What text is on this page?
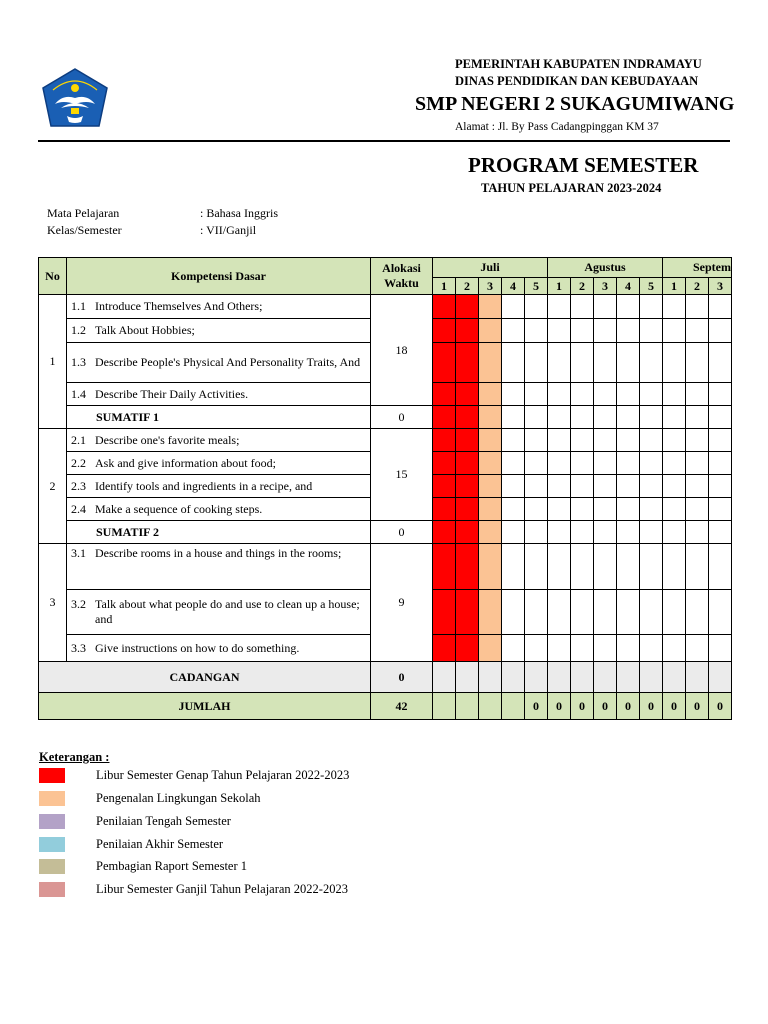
PEMERINTAH KABUPATEN INDRAMAYU
DINAS PENDIDIKAN DAN KEBUDAYAAN
SMP NEGERI 2 SUKAGUMIWANG
Alamat : Jl. By Pass Cadangpinggan KM 37
PROGRAM SEMESTER
TAHUN PELAJARAN 2023-2024
Mata Pelajaran	: Bahasa Inggris
Kelas/Semester	: VII/Ganjil
No	Kompetensi Dasar	Alokasi
Waktu	Juli					Agustus					Septem		
			1	2	3	4	5	1	2	3	4	5	1	2	3
1	1.1 Introduce Themselves And Others;	18													

	1.2 Talk About Hobbies;														

	1.3 Describe People's Physical And Personality Traits, And														

	1.4 Describe Their Daily Activities.														

	SUMATIF 1	0													
2	2.1 Describe one's favorite meals;	15													

	2.2 Ask and give information about food;														

	2.3 Identify tools and ingredients in a recipe, and														

	2.4 Make a sequence of cooking steps.														

	SUMATIF 2	0													
3	3.1 Describe rooms in a house and things in the rooms;	9													

	3.2 Talk about what people do and use to clean up a house; and														

	3.3 Give instructions on how to do something.														

CADANGAN		0													
JUMLAH		42					0	0	0	0	0	0	0	0	0
Keterangan :
Libur Semester Genap Tahun Pelajaran 2022-2023
Pengenalan Lingkungan Sekolah
Penilaian Tengah Semester
Penilaian Akhir Semester
Pembagian Raport Semester 1
Libur Semester Ganjil Tahun Pelajaran 2022-2023
